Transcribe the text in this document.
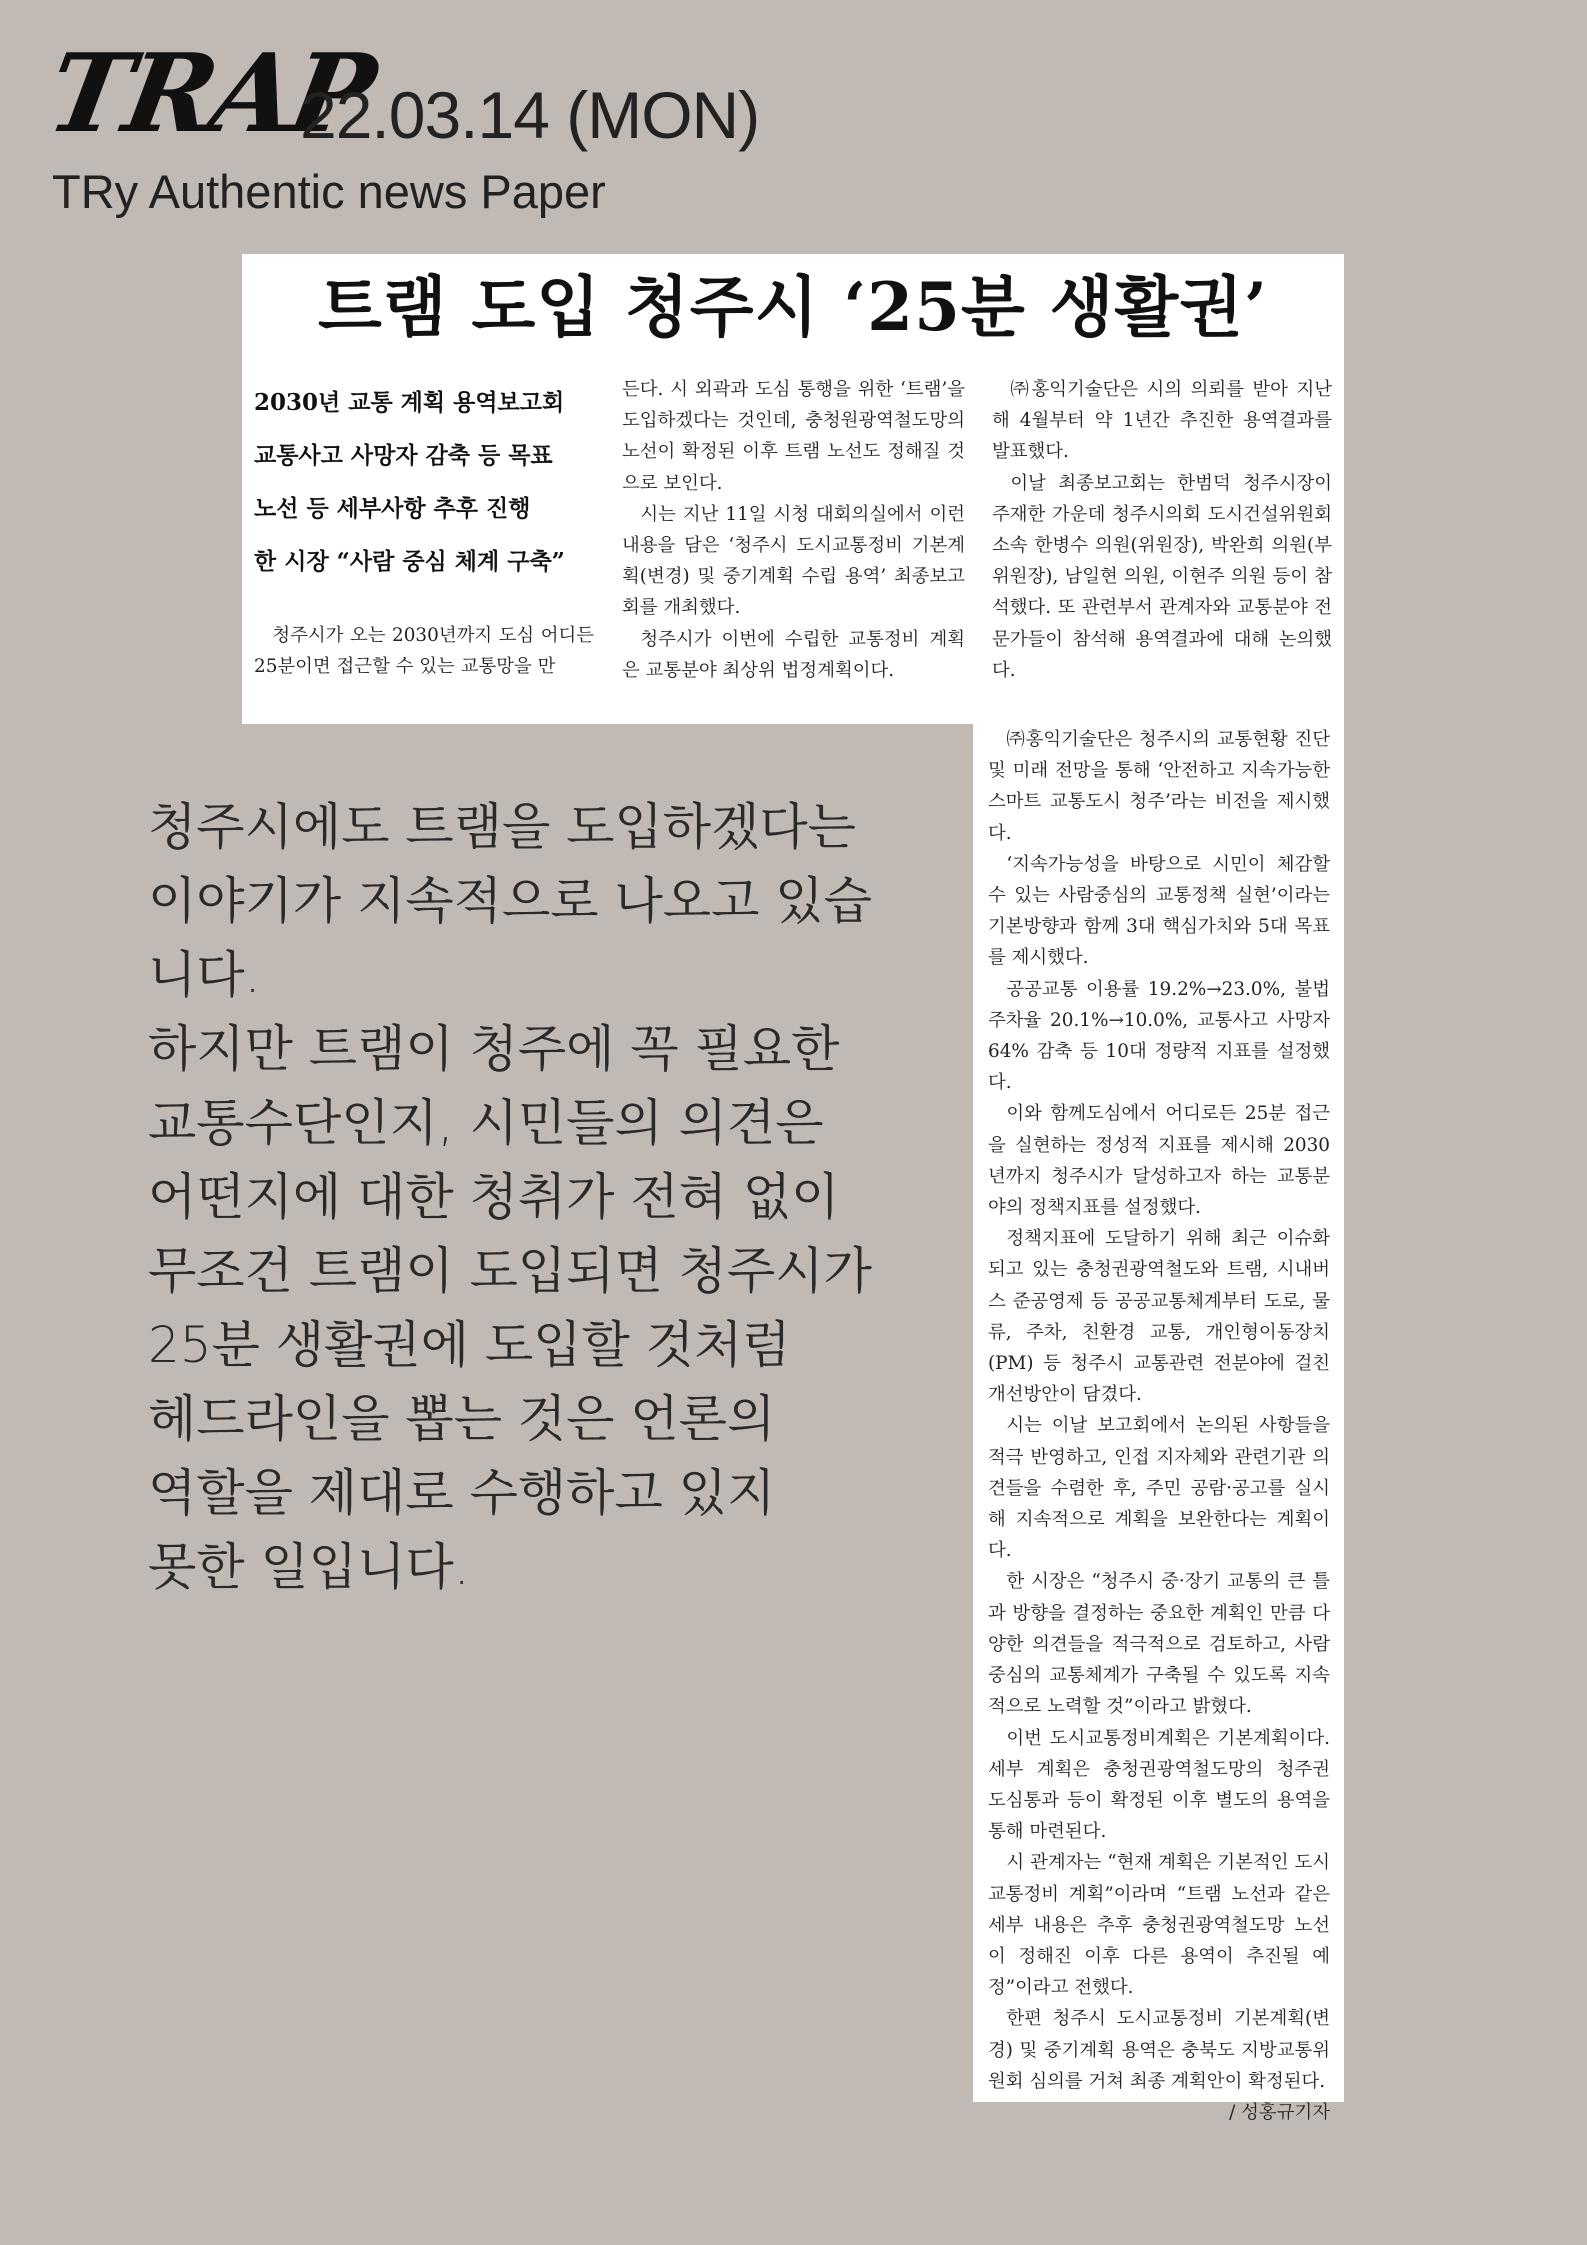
TRAP
22.03.14 (MON)
TRy Authentic news Paper
트램 도입 청주시 ‘25분 생활권’
2030년 교통 계획 용역보고회
교통사고 사망자 감축 등 목표
노선 등 세부사항 추후 진행
한 시장 “사람 중심 체계 구축”

청주시가 오는 2030년까지 도심 어디든 25분이면 접근할 수 있는 교통망을 만

든다. 시 외곽과 도심 통행을 위한 ‘트램’을 도입하겠다는 것인데, 충청원광역철도망의 노선이 확정된 이후 트램 노선도 정해질 것으로 보인다.

시는 지난 11일 시청 대회의실에서 이런 내용을 담은 ‘청주시 도시교통정비 기본계획(변경) 및 중기계획 수립 용역’ 최종보고회를 개최했다.

청주시가 이번에 수립한 교통정비 계획은 교통분야 최상위 법정계획이다.

㈜홍익기술단은 시의 의뢰를 받아 지난해 4월부터 약 1년간 추진한 용역결과를 발표했다.

이날 최종보고회는 한범덕 청주시장이 주재한 가운데 청주시의회 도시건설위원회 소속 한병수 의원(위원장), 박완희 의원(부위원장), 남일현 의원, 이현주 의원 등이 참석했다. 또 관련부서 관계자와 교통분야 전문가들이 참석해 용역결과에 대해 논의했다.

㈜홍익기술단은 청주시의 교통현황 진단 및 미래 전망을 통해 ‘안전하고 지속가능한 스마트 교통도시 청주’라는 비전을 제시했다.

‘지속가능성을 바탕으로 시민이 체감할 수 있는 사람중심의 교통정책 실현’이라는 기본방향과 함께 3대 핵심가치와 5대 목표를 제시했다.

공공교통 이용률 19.2%→23.0%, 불법주차율 20.1%→10.0%, 교통사고 사망자 64% 감축 등 10대 정량적 지표를 설정했다.

이와 함께도심에서 어디로든 25분 접근을 실현하는 정성적 지표를 제시해 2030년까지 청주시가 달성하고자 하는 교통분야의 정책지표를 설정했다.

정책지표에 도달하기 위해 최근 이슈화 되고 있는 충청권광역철도와 트램, 시내버스 준공영제 등 공공교통체계부터 도로, 물류, 주차, 친환경 교통, 개인형이동장치(PM) 등 청주시 교통관련 전분야에 걸친 개선방안이 담겼다.

시는 이날 보고회에서 논의된 사항들을 적극 반영하고, 인접 지자체와 관련기관 의견들을 수렴한 후, 주민 공람·공고를 실시해 지속적으로 계획을 보완한다는 계획이다.

한 시장은 “청주시 중·장기 교통의 큰 틀과 방향을 결정하는 중요한 계획인 만큼 다양한 의견들을 적극적으로 검토하고, 사람중심의 교통체계가 구축될 수 있도록 지속적으로 노력할 것”이라고 밝혔다.

이번 도시교통정비계획은 기본계획이다. 세부 계획은 충청권광역철도망의 청주권 도심통과 등이 확정된 이후 별도의 용역을 통해 마련된다.

시 관계자는 “현재 계획은 기본적인 도시교통정비 계획”이라며 “트램 노선과 같은 세부 내용은 추후 충청권광역철도망 노선이 정해진 이후 다른 용역이 추진될 예정”이라고 전했다.

한편 청주시 도시교통정비 기본계획(변경) 및 중기계획 용역은 충북도 지방교통위원회 심의를 거쳐 최종 계획안이 확정된다.

/ 성홍규기자

청주시에도 트램을 도입하겠다는
이야기가 지속적으로 나오고 있습
니다.
하지만 트램이 청주에 꼭 필요한
교통수단인지, 시민들의 의견은
어떤지에 대한 청취가 전혀 없이
무조건 트램이 도입되면 청주시가
25분 생활권에 도입할 것처럼
헤드라인을 뽑는 것은 언론의
역할을 제대로 수행하고 있지
못한 일입니다.
